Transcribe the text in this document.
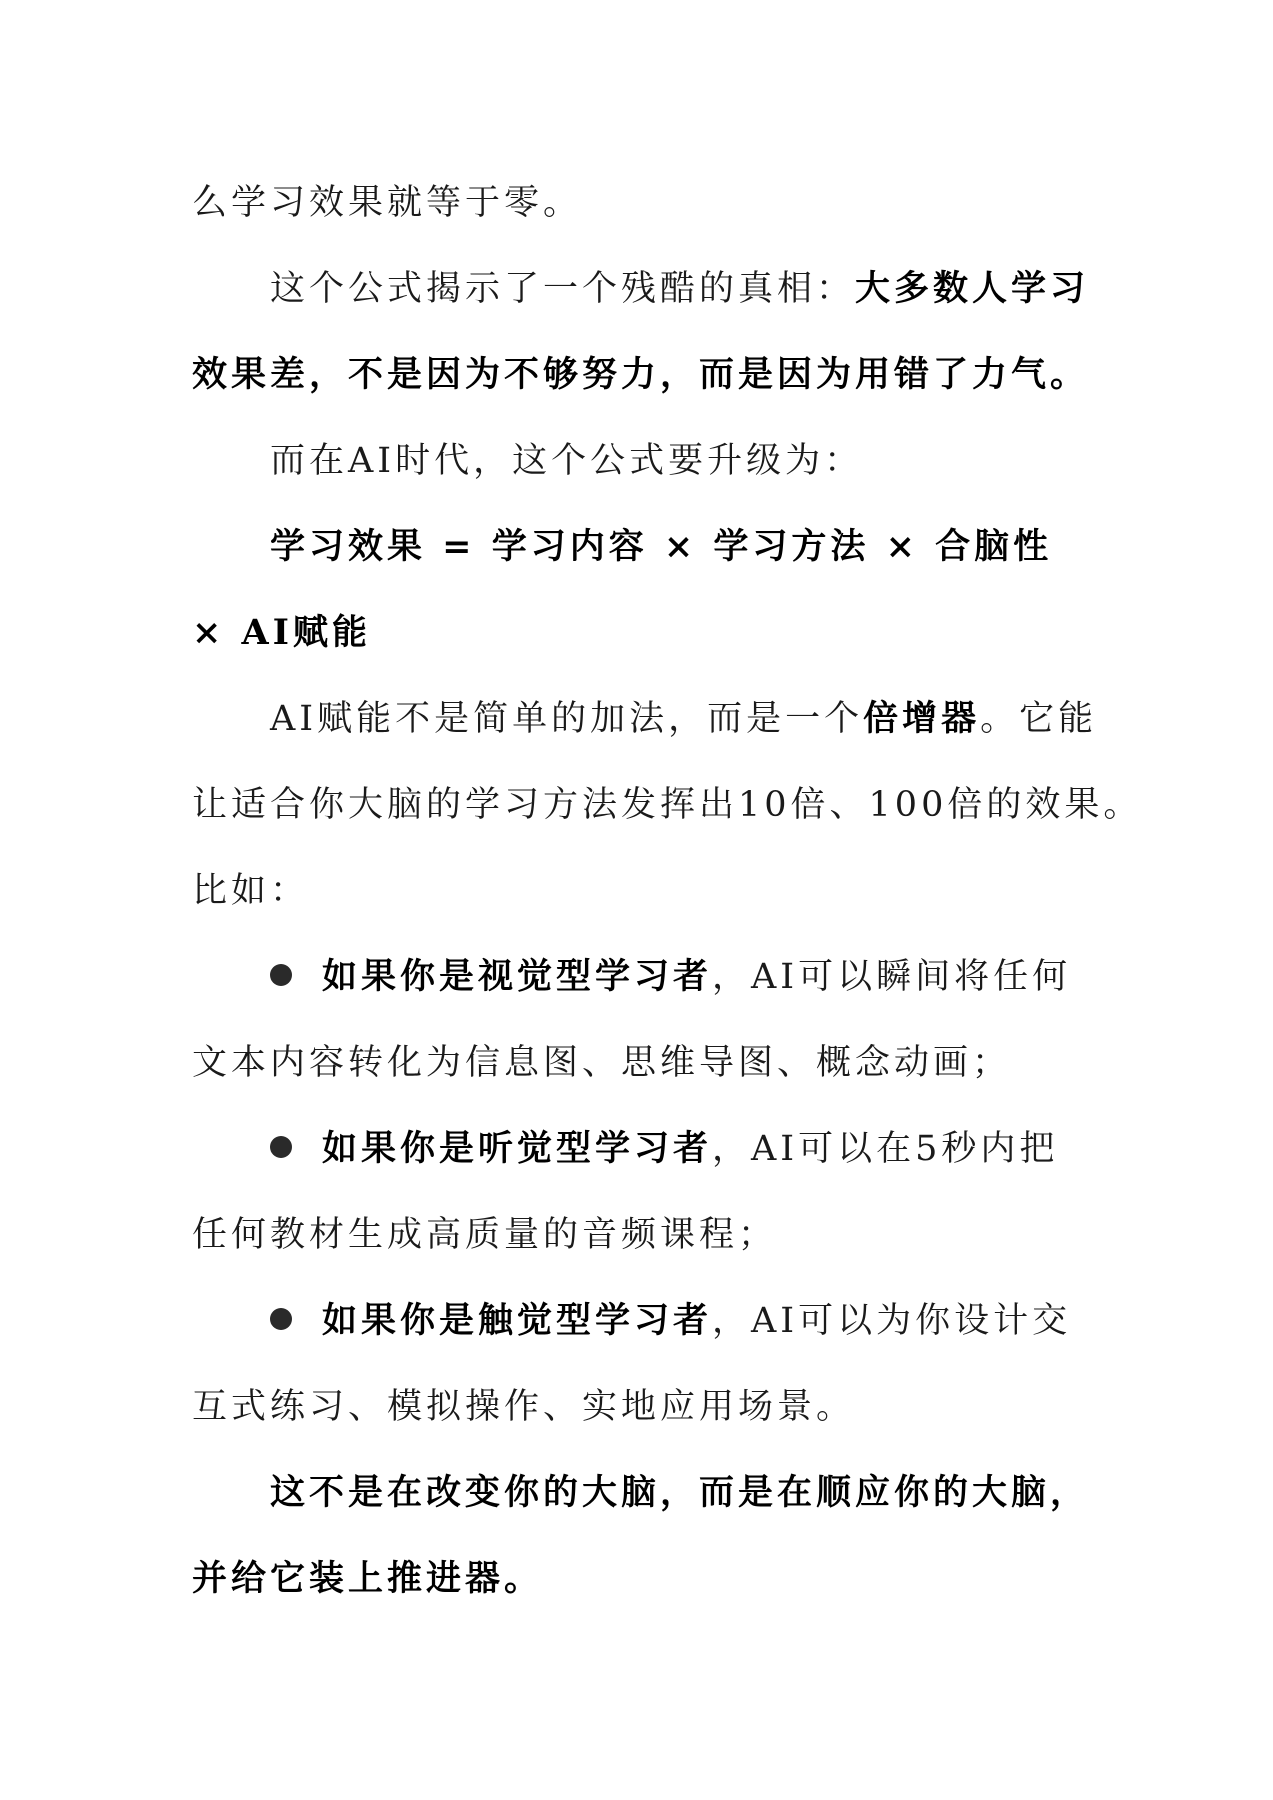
么学习效果就等于零。
这个公式揭示了一个残酷的真相：大多数人学习
效果差，不是因为不够努力，而是因为用错了力气。
而在AI时代，这个公式要升级为：
学习效果 = 学习内容 × 学习方法 × 合脑性
× AI赋能
AI赋能不是简单的加法，而是一个倍增器。它能
让适合你大脑的学习方法发挥出10倍、100倍的效果。
比如：
如果你是视觉型学习者，AI可以瞬间将任何
文本内容转化为信息图、思维导图、概念动画；
如果你是听觉型学习者，AI可以在5秒内把
任何教材生成高质量的音频课程；
如果你是触觉型学习者，AI可以为你设计交
互式练习、模拟操作、实地应用场景。
这不是在改变你的大脑，而是在顺应你的大脑，
并给它装上推进器。
